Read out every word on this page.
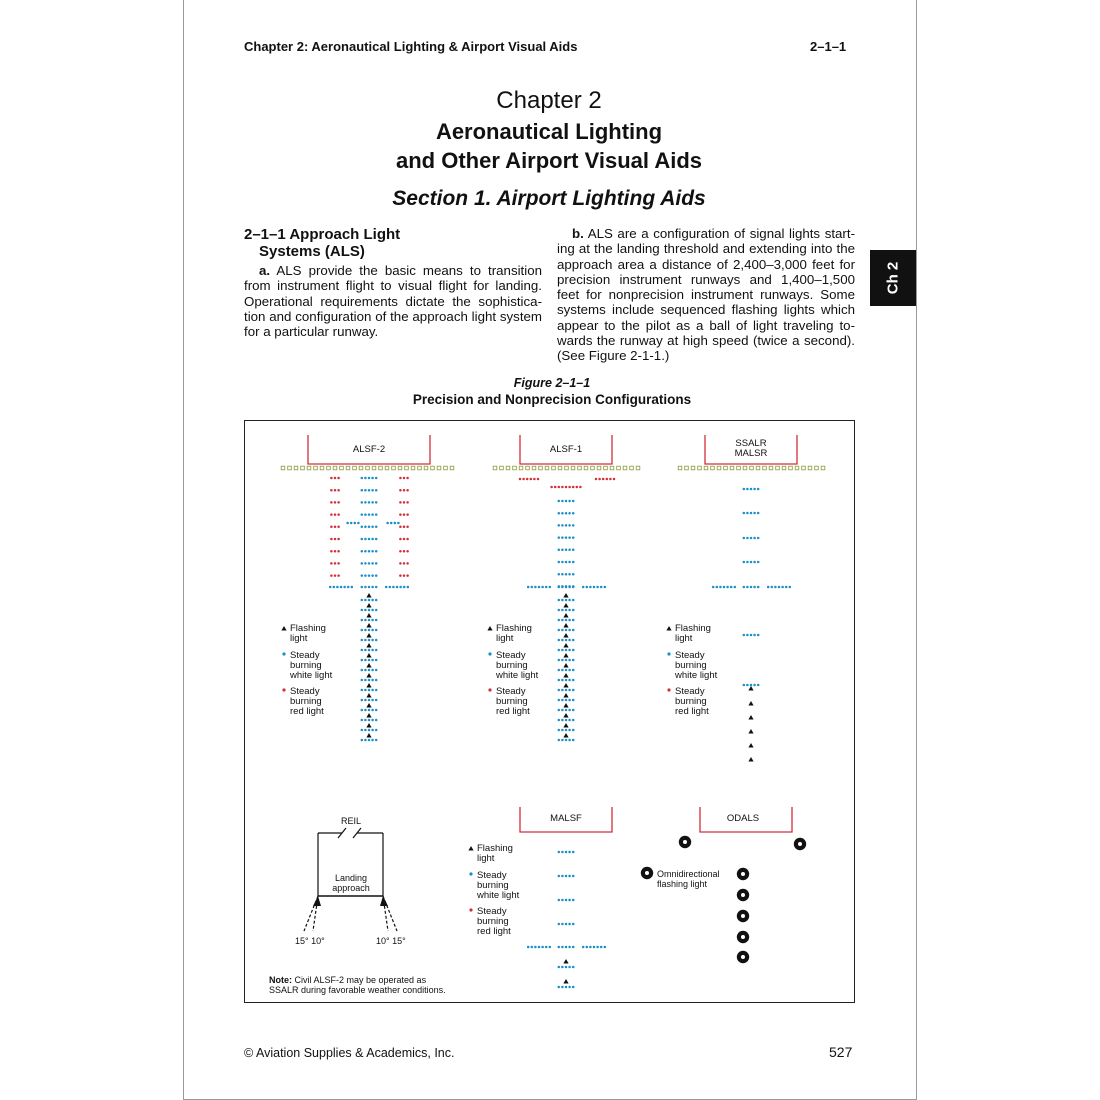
Chapter 2: Aeronautical Lighting & Airport Visual Aids	2–1–1
Chapter 2
Aeronautical Lighting
and Other Airport Visual Aids
Section 1. Airport Lighting Aids
Ch 2
2–1–1 Approach Light
Systems (ALS)

a. ALS provide the basic means to transition from instrument flight to visual flight for landing. Operational requirements dictate the sophistication and configuration of the approach light system for a particular runway.

b. ALS are a configuration of signal lights starting at the landing threshold and extending into the approach area a distance of 2,400–3,000 feet for precision instrument runways and 1,400–1,500 feet for nonprecision instrument runways. Some systems include sequenced flashing lights which appear to the pilot as a ball of light traveling towards the runway at high speed (twice a second). (See Figure 2-1-1.)

Figure 2–1–1
Precision and Nonprecision Configurations
ALSF-2	ALSF-1
SSALR
MALSR
MALSF	ODALS
Flashing
light
Steady
burning
white light
Steady
burning
red light
Flashing
light
Steady
burning
white light
Steady
burning
red light
Flashing
light
Steady
burning
white light
Steady
burning
red light
Flashing
light
Steady
burning
white light
Steady
burning
red light
REIL
Landing
approach
15° 10°	10° 15°
Note: Civil ALSF-2 may be operated as
SSALR during favorable weather conditions.
Omnidirectional
flashing light
© Aviation Supplies & Academics, Inc.	527
